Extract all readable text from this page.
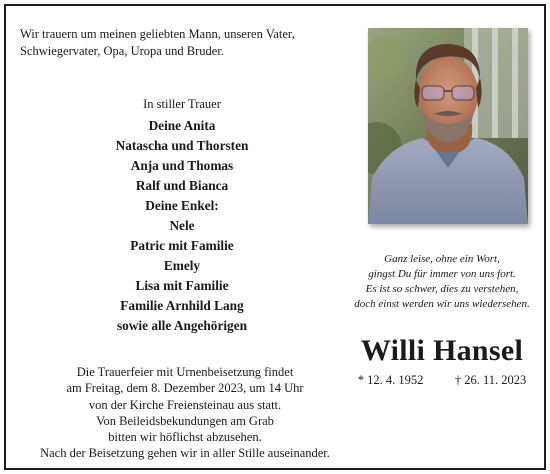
Wir trauern um meinen geliebten Mann, unseren Vater,
Schwiegervater, Opa, Uropa und Bruder.
In stiller Trauer
Deine Anita
Natascha und Thorsten
Anja und Thomas
Ralf und Bianca
Deine Enkel:
Nele
Patric mit Familie
Emely
Lisa mit Familie
Familie Arnhild Lang
sowie alle Angehörigen
Die Trauerfeier mit Urnenbeisetzung findet
am Freitag, dem 8. Dezember 2023, um 14 Uhr
von der Kirche Freiensteinau aus statt.
Von Beileidsbekundungen am Grab
bitten wir höflichst abzusehen.
Nach der Beisetzung gehen wir in aller Stille auseinander.
Ganz leise, ohne ein Wort,
gingst Du für immer von uns fort.
Es ist so schwer, dies zu verstehen,
doch einst werden wir uns wiedersehen.
Willi Hansel
* 12. 4. 1952	† 26. 11. 2023
